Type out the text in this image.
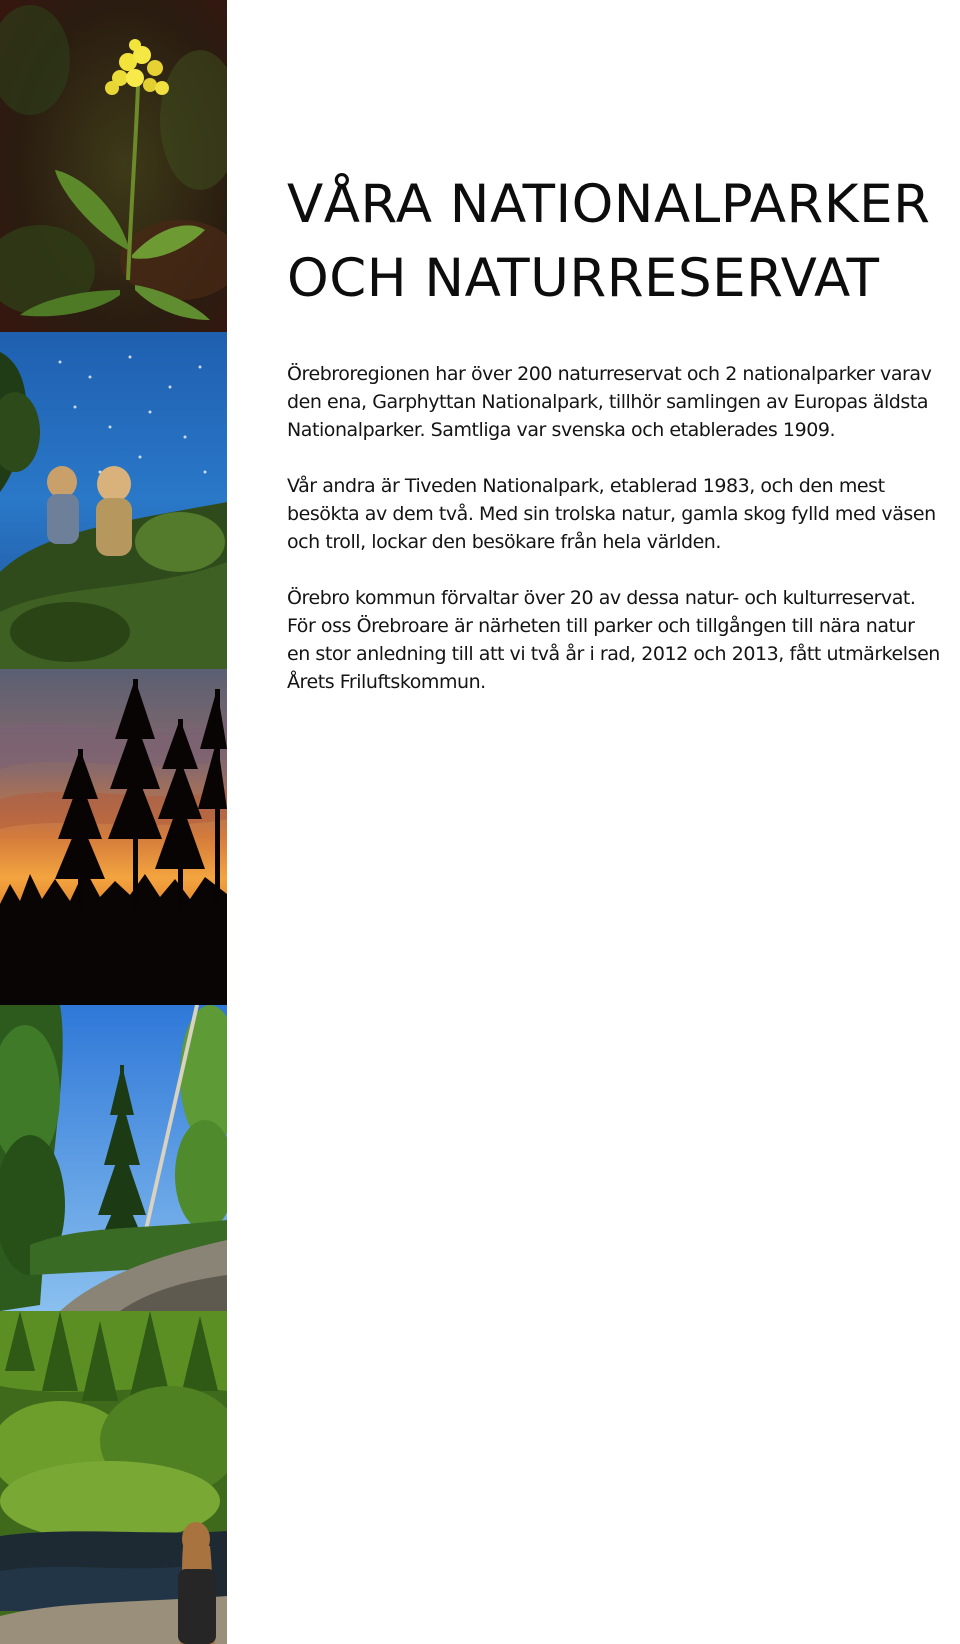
VÅRA NATIONALPARKER
OCH NATURRESERVAT

Örebroregionen har över 200 naturreservat och 2 nationalparker varav
den ena, Garphyttan Nationalpark, tillhör samlingen av Europas äldsta
Nationalparker. Samtliga var svenska och etablerades 1909.

Vår andra är Tiveden Nationalpark, etablerad 1983, och den mest
besökta av dem två. Med sin trolska natur, gamla skog fylld med väsen
och troll, lockar den besökare från hela världen.

Örebro kommun förvaltar över 20 av dessa natur- och kulturreservat.
För oss Örebroare är närheten till parker och tillgången till nära natur
en stor anledning till att vi två år i rad, 2012 och 2013, fått utmärkelsen
Årets Friluftskommun.
